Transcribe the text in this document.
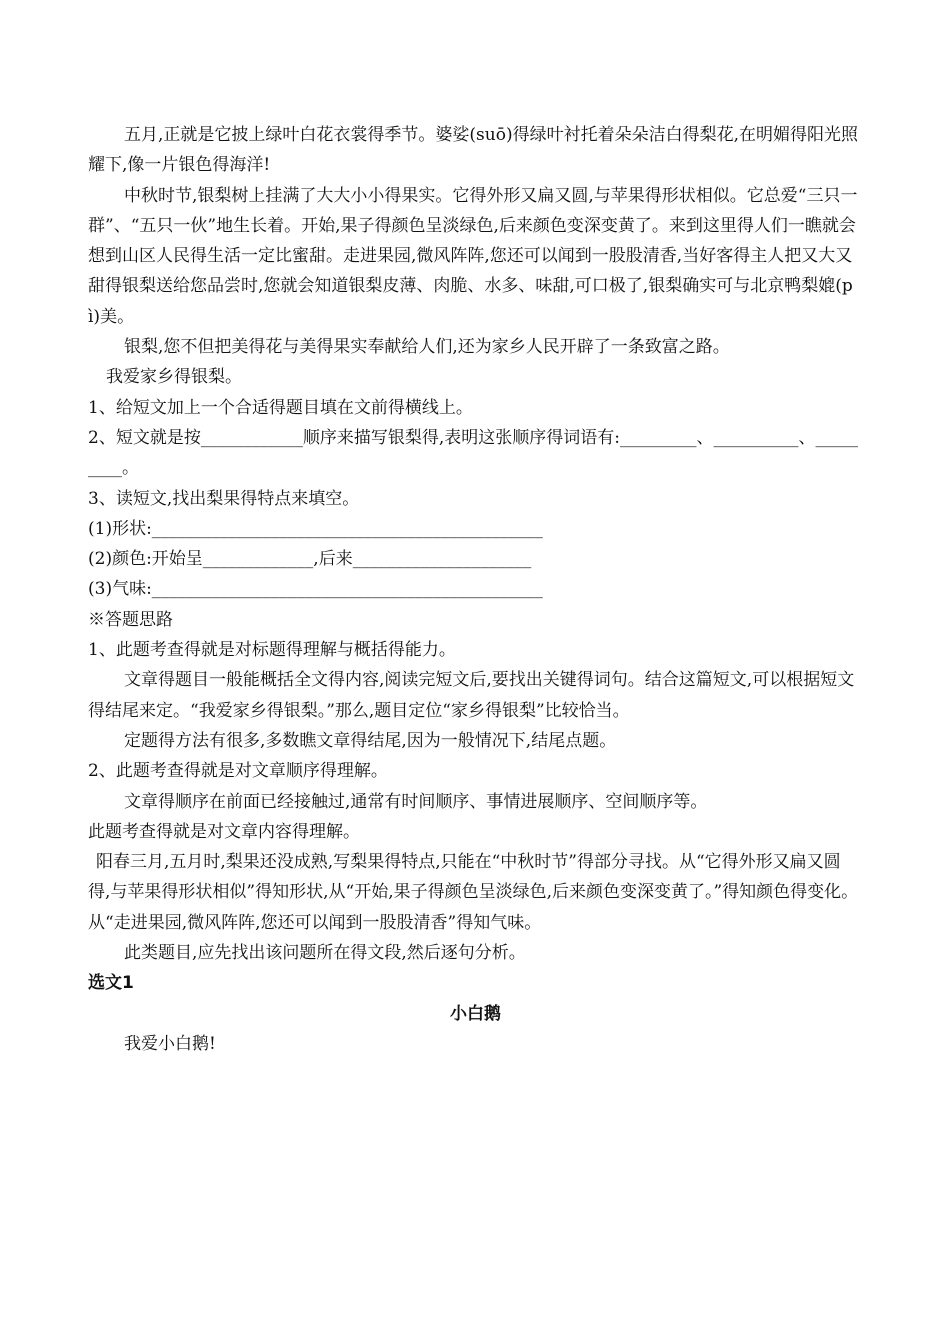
五月,正就是它披上绿叶白花衣裳得季节。婆娑(suō)得绿叶衬托着朵朵洁白得梨花,在明媚得阳光照耀下,像一片银色得海洋!

中秋时节,银梨树上挂满了大大小小得果实。它得外形又扁又圆,与苹果得形状相似。它总爱“三只一群”、“五只一伙”地生长着。开始,果子得颜色呈淡绿色,后来颜色变深变黄了。来到这里得人们一瞧就会想到山区人民得生活一定比蜜甜。走进果园,微风阵阵,您还可以闻到一股股清香,当好客得主人把又大又甜得银梨送给您品尝时,您就会知道银梨皮薄、肉脆、水多、味甜,可口极了,银梨确实可与北京鸭梨媲(pì)美。

银梨,您不但把美得花与美得果实奉献给人们,还为家乡人民开辟了一条致富之路。

我爱家乡得银梨。

1、给短文加上一个合适得题目填在文前得横线上。

2、短文就是按____________顺序来描写银梨得,表明这张顺序得词语有:_________、__________、_________。

3、读短文,找出梨果得特点来填空。

(1)形状:______________________________________________

(2)颜色:开始呈_____________,后来_____________________

(3)气味:______________________________________________

※答题思路

1、此题考查得就是对标题得理解与概括得能力。

文章得题目一般能概括全文得内容,阅读完短文后,要找出关键得词句。结合这篇短文,可以根据短文得结尾来定。“我爱家乡得银梨。”那么,题目定位“家乡得银梨”比较恰当。

定题得方法有很多,多数瞧文章得结尾,因为一般情况下,结尾点题。

2、此题考查得就是对文章顺序得理解。

文章得顺序在前面已经接触过,通常有时间顺序、事情进展顺序、空间顺序等。

此题考查得就是对文章内容得理解。

阳春三月,五月时,梨果还没成熟,写梨果得特点,只能在“中秋时节”得部分寻找。从“它得外形又扁又圆得,与苹果得形状相似”得知形状,从“开始,果子得颜色呈淡绿色,后来颜色变深变黄了。”得知颜色得变化。

从“走进果园,微风阵阵,您还可以闻到一股股清香”得知气味。

此类题目,应先找出该问题所在得文段,然后逐句分析。

选文1

小白鹅

我爱小白鹅!
